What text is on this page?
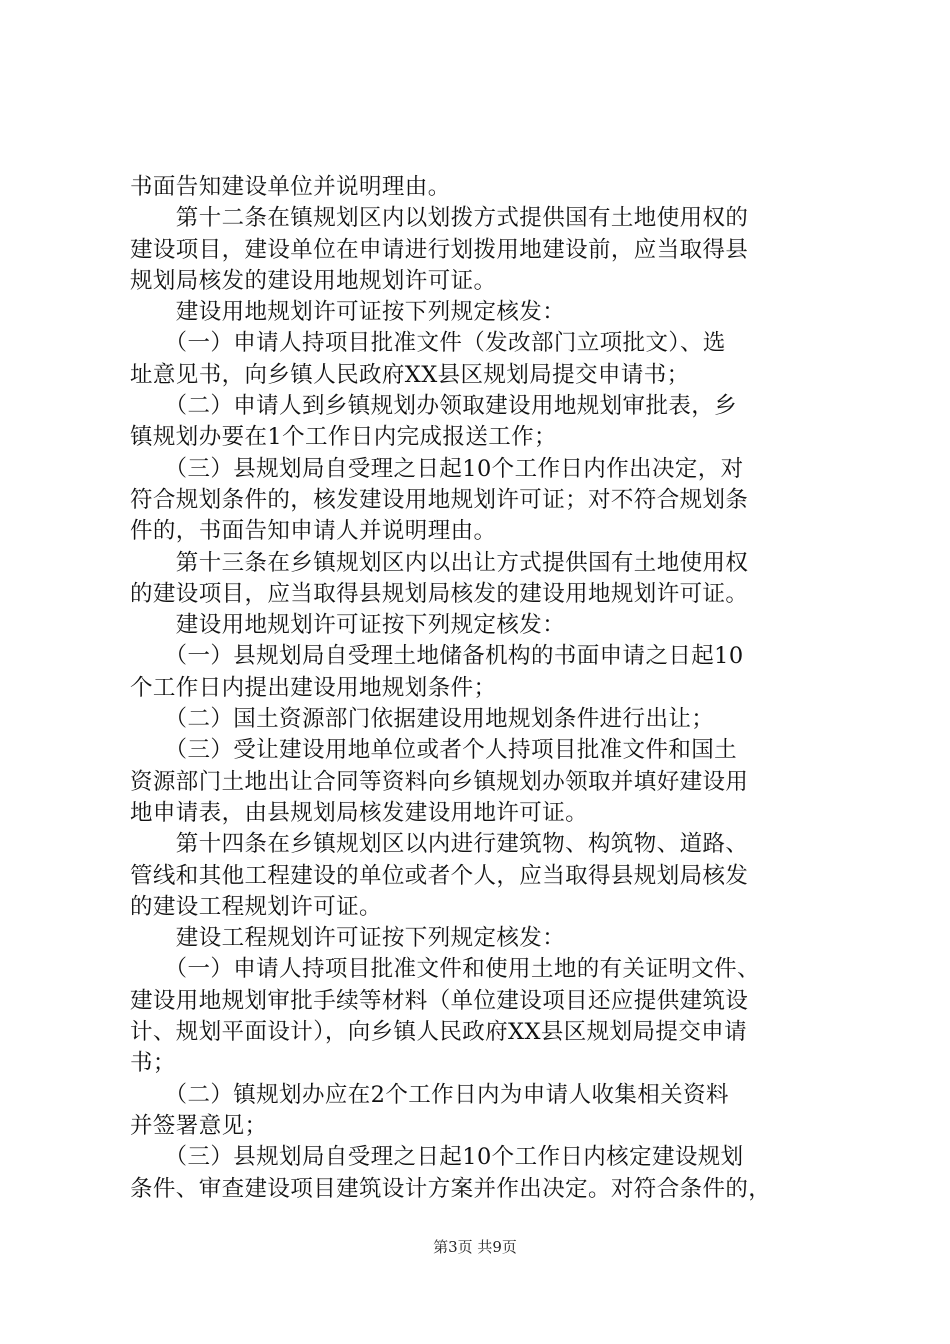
书面告知建设单位并说明理由。
　　第十二条在镇规划区内以划拨方式提供国有土地使用权的
建设项目，建设单位在申请进行划拨用地建设前，应当取得县
规划局核发的建设用地规划许可证。
　　建设用地规划许可证按下列规定核发：
　　（一）申请人持项目批准文件（发改部门立项批文）、选
址意见书，向乡镇人民政府XX县区规划局提交申请书；
　　（二）申请人到乡镇规划办领取建设用地规划审批表，乡
镇规划办要在1个工作日内完成报送工作；
　　（三）县规划局自受理之日起10个工作日内作出决定，对
符合规划条件的，核发建设用地规划许可证；对不符合规划条
件的，书面告知申请人并说明理由。
　　第十三条在乡镇规划区内以出让方式提供国有土地使用权
的建设项目，应当取得县规划局核发的建设用地规划许可证。
　　建设用地规划许可证按下列规定核发：
　　（一）县规划局自受理土地储备机构的书面申请之日起10
个工作日内提出建设用地规划条件；
　　（二）国土资源部门依据建设用地规划条件进行出让；
　　（三）受让建设用地单位或者个人持项目批准文件和国土
资源部门土地出让合同等资料向乡镇规划办领取并填好建设用
地申请表，由县规划局核发建设用地许可证。
　　第十四条在乡镇规划区以内进行建筑物、构筑物、道路、
管线和其他工程建设的单位或者个人，应当取得县规划局核发
的建设工程规划许可证。
　　建设工程规划许可证按下列规定核发：
　　（一）申请人持项目批准文件和使用土地的有关证明文件、
建设用地规划审批手续等材料（单位建设项目还应提供建筑设
计、规划平面设计），向乡镇人民政府XX县区规划局提交申请
书；
　　（二）镇规划办应在2个工作日内为申请人收集相关资料
并签署意见；
　　（三）县规划局自受理之日起10个工作日内核定建设规划
条件、审查建设项目建筑设计方案并作出决定。对符合条件的，
第3页 共9页
